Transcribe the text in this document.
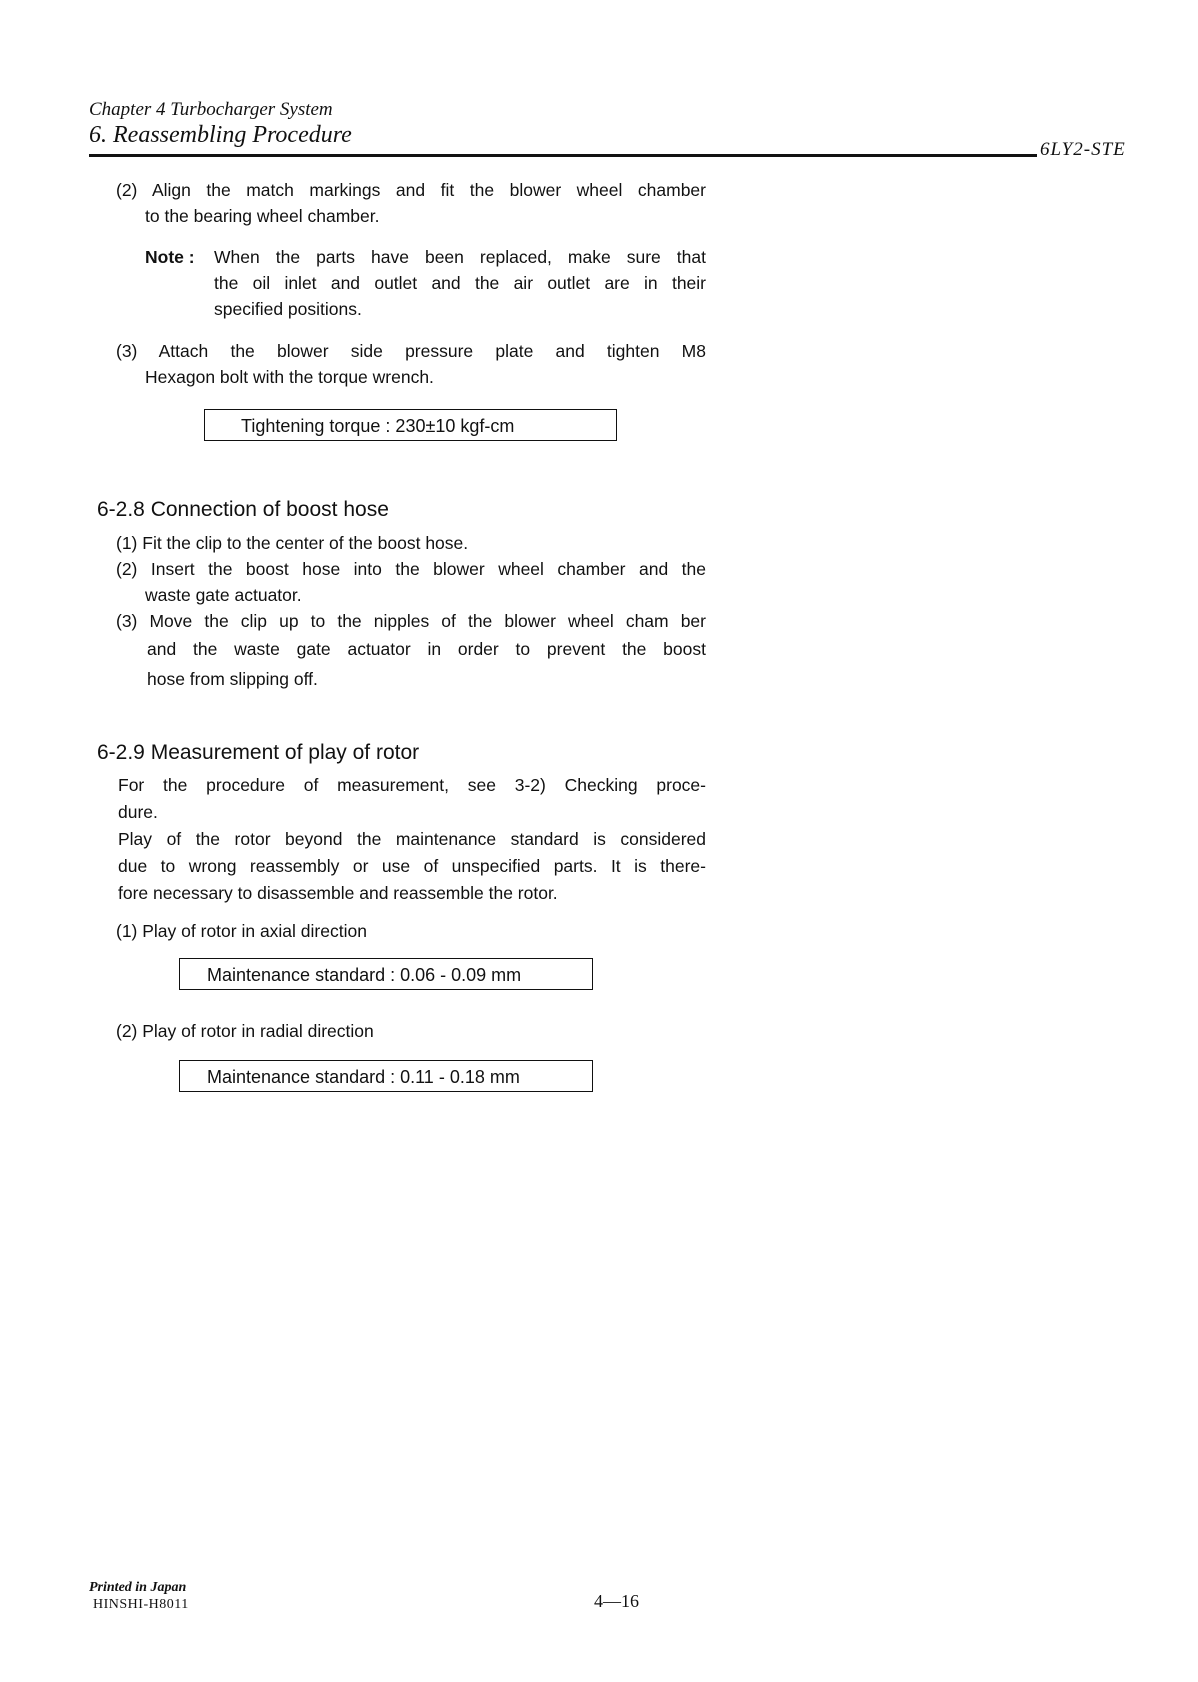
Chapter 4 Turbocharger System
6. Reassembling Procedure
6LY2-STE
(2) Align the match markings and fit the blower wheel chamber
to the bearing wheel chamber.
Note : When the parts have been replaced, make sure that
the oil inlet and outlet and the air outlet are in their
specified positions.
(3) Attach the blower side pressure plate and tighten M8
Hexagon bolt with the torque wrench.
Tightening torque : 230±10 kgf-cm
6-2.8 Connection of boost hose
(1) Fit the clip to the center of the boost hose.
(2) Insert the boost hose into the blower wheel chamber and the
waste gate actuator.
(3) Move the clip up to the nipples of the blower wheel cham ber
and the waste gate actuator in order to prevent the boost
hose from slipping off.
6-2.9 Measurement of play of rotor
For the procedure of measurement, see 3-2) Checking proce-
dure.
Play of the rotor beyond the maintenance standard is considered
due to wrong reassembly or use of unspecified parts. It is there-
fore necessary to disassemble and reassemble the rotor.
(1) Play of rotor in axial direction
Maintenance standard : 0.06 - 0.09 mm
(2) Play of rotor in radial direction
Maintenance standard : 0.11 - 0.18 mm
Printed in Japan
HINSHI-H8011	4—16
